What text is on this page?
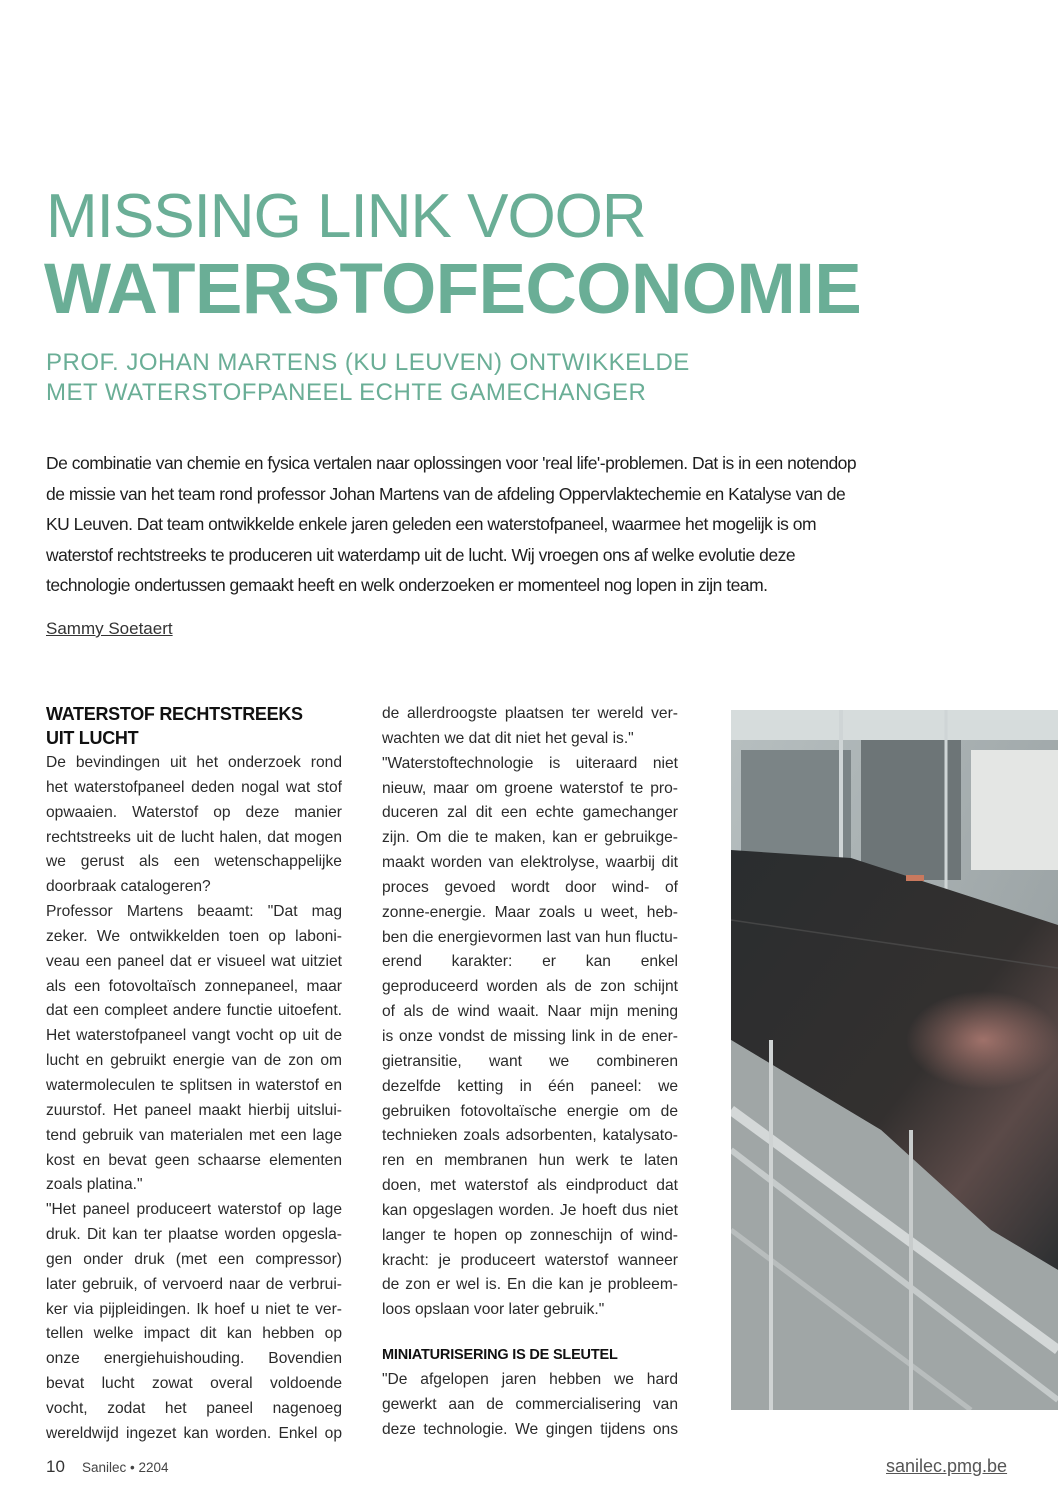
MISSING LINK VOOR
WATERSTOFECONOMIE
PROF. JOHAN MARTENS (KU LEUVEN) ONTWIKKELDE
MET WATERSTOFPANEEL ECHTE GAMECHANGER

De combinatie van chemie en fysica vertalen naar oplossingen voor 'real life'-problemen. Dat is in een notendop
de missie van het team rond professor Johan Martens van de afdeling Oppervlaktechemie en Katalyse van de
KU Leuven. Dat team ontwikkelde enkele jaren geleden een waterstofpaneel, waarmee het mogelijk is om
waterstof rechtstreeks te produceren uit waterdamp uit de lucht. Wij vroegen ons af welke evolutie deze
technologie ondertussen gemaakt heeft en welk onderzoeken er momenteel nog lopen in zijn team.

Sammy Soetaert
WATERSTOF RECHTSTREEKS
UIT LUCHT
De bevindingen uit het onderzoek rond
het waterstofpaneel deden nogal wat stof
opwaaien. Waterstof op deze manier
rechtstreeks uit de lucht halen, dat mogen
we gerust als een wetenschappelijke
doorbraak catalogeren?
Professor Martens beaamt: "Dat mag
zeker. We ontwikkelden toen op laboni-
veau een paneel dat er visueel wat uitziet
als een fotovoltaïsch zonnepaneel, maar
dat een compleet andere functie uitoefent.
Het waterstofpaneel vangt vocht op uit de
lucht en gebruikt energie van de zon om
watermoleculen te splitsen in waterstof en
zuurstof. Het paneel maakt hierbij uitslui-
tend gebruik van materialen met een lage
kost en bevat geen schaarse elementen
zoals platina."
"Het paneel produceert waterstof op lage
druk. Dit kan ter plaatse worden opgesla-
gen onder druk (met een compressor)
later gebruik, of vervoerd naar de verbrui-
ker via pijpleidingen. Ik hoef u niet te ver-
tellen welke impact dit kan hebben op
onze energiehuishouding. Bovendien
bevat lucht zowat overal voldoende
vocht, zodat het paneel nagenoeg
wereldwijd ingezet kan worden. Enkel op
de allerdroogste plaatsen ter wereld ver-
wachten we dat dit niet het geval is."
"Waterstoftechnologie is uiteraard niet
nieuw, maar om groene waterstof te pro-
duceren zal dit een echte gamechanger
zijn. Om die te maken, kan er gebruikge-
maakt worden van elektrolyse, waarbij dit
proces gevoed wordt door wind- of
zonne-energie. Maar zoals u weet, heb-
ben die energievormen last van hun fluctu-
erend karakter: er kan enkel
geproduceerd worden als de zon schijnt
of als de wind waait. Naar mijn mening
is onze vondst de missing link in de ener-
gietransitie, want we combineren
dezelfde ketting in één paneel: we
gebruiken fotovoltaïsche energie om de
technieken zoals adsorbenten, katalysato-
ren en membranen hun werk te laten
doen, met waterstof als eindproduct dat
kan opgeslagen worden. Je hoeft dus niet
langer te hopen op zonneschijn of wind-
kracht: je produceert waterstof wanneer
de zon er wel is. En die kan je probleem-
loos opslaan voor later gebruik."
MINIATURISERING IS DE SLEUTEL
"De afgelopen jaren hebben we hard
gewerkt aan de commercialisering van
deze technologie. We gingen tijdens ons
10 Sanilec • 2204	sanilec.pmg.be
